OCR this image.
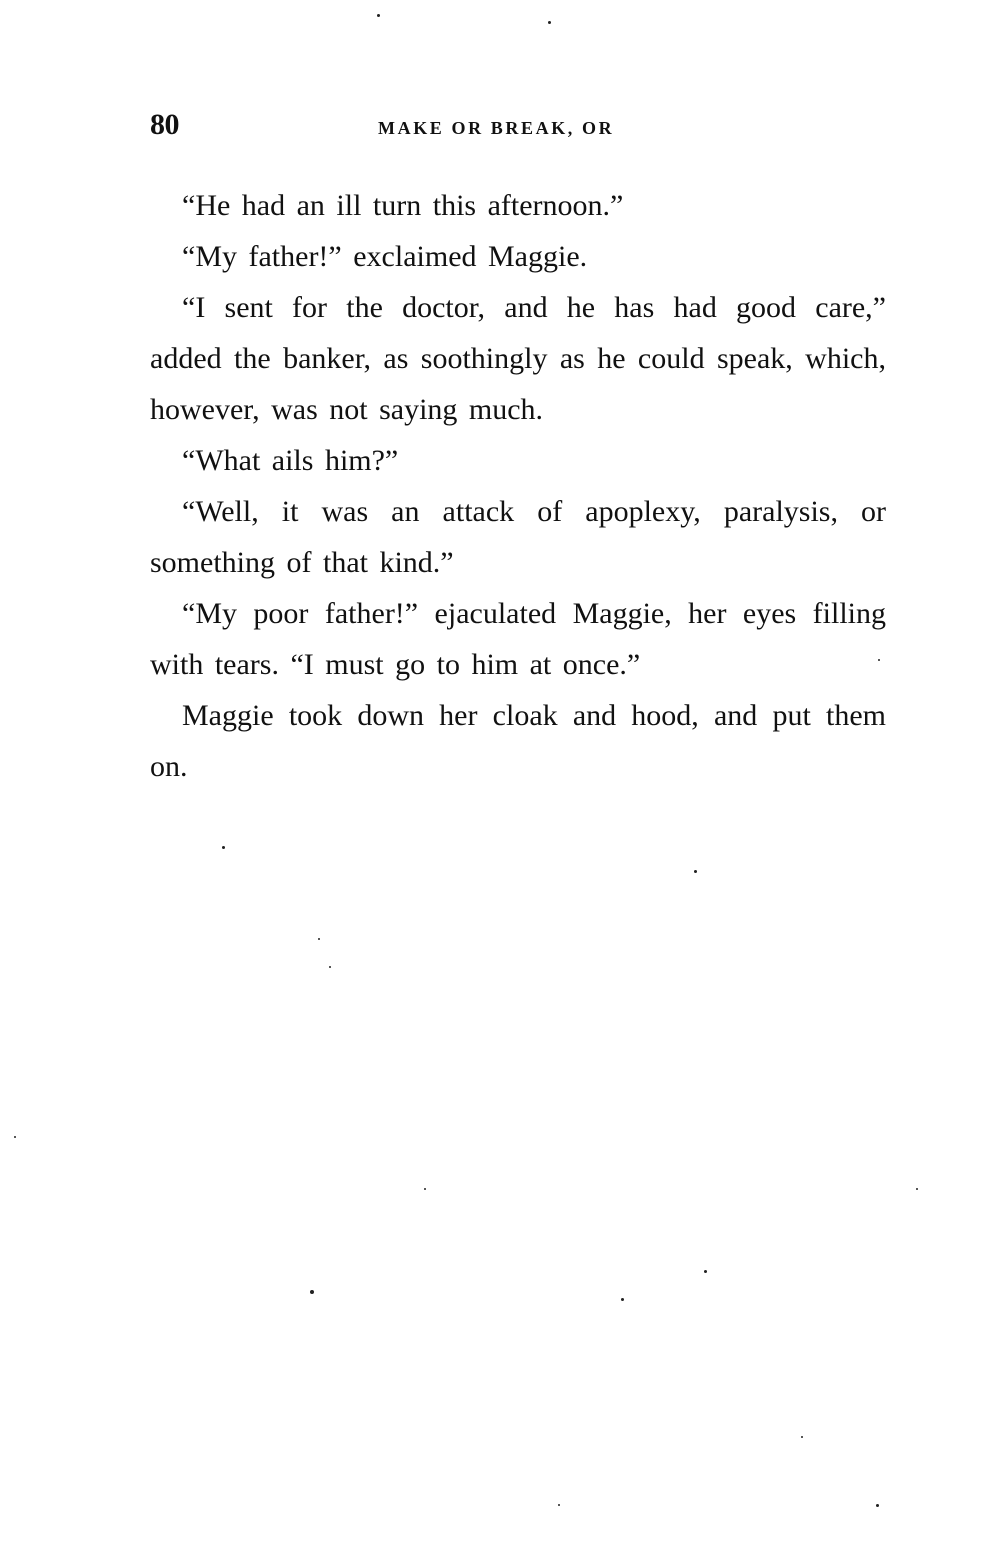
80	MAKE OR BREAK, OR

“He had an ill turn this afternoon.”

“My father!” exclaimed Maggie.

“I sent for the doctor, and he has had good care,” added the banker, as soothingly as he could speak, which, however, was not saying much.

“What ails him?”

“Well, it was an attack of apoplexy, paralysis, or something of that kind.”

“My poor father!” ejaculated Maggie, her eyes filling with tears. “I must go to him at once.”

Maggie took down her cloak and hood, and put them on.
